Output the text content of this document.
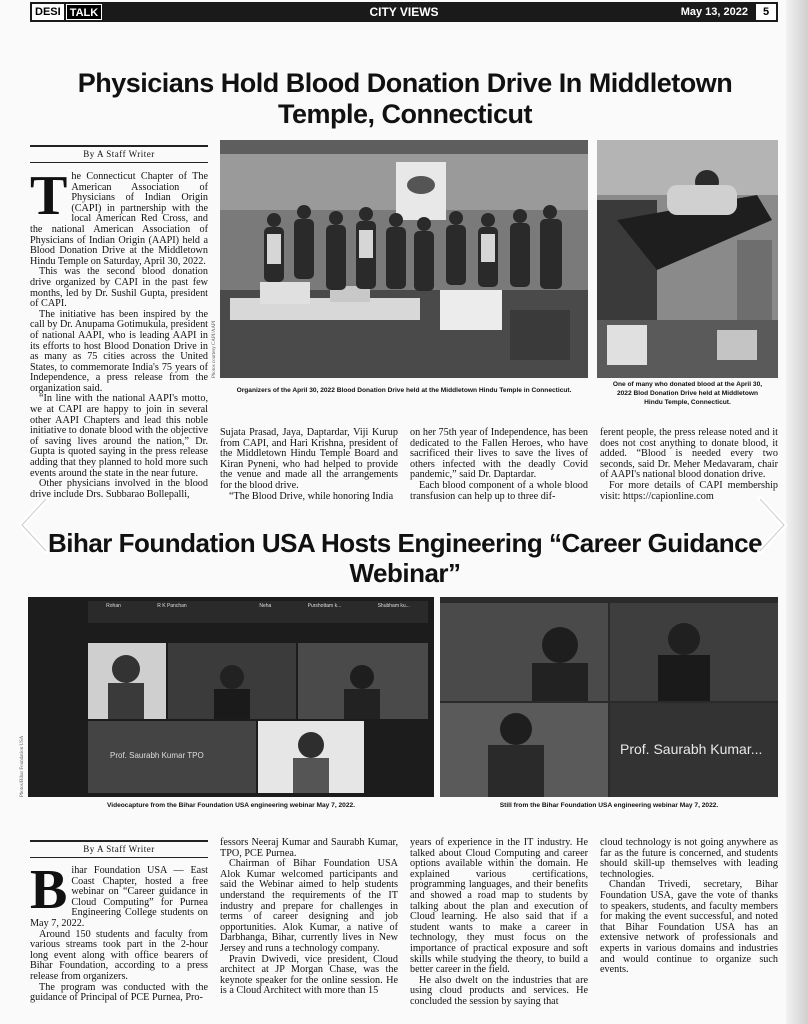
DESI TALK	CITY VIEWS	May 13, 2022	5
Physicians Hold Blood Donation Drive In Middletown Temple, Connecticut
By A Staff Writer

The Connecticut Chapter of The American Association of Physicians of Indian Origin (CAPI) in partnership with the local American Red Cross, and the national American Association of Physicians of Indian Origin (AAPI) held a Blood Donation Drive at the Middletown Hindu Temple on Saturday, April 30, 2022.

This was the second blood donation drive organized by CAPI in the past few months, led by Dr. Sushil Gupta, president of CAPI.

The initiative has been inspired by the call by Dr. Anupama Gotimukula, president of national AAPI, who is leading AAPI in its efforts to host Blood Donation Drive in as many as 75 cities across the United States, to commemorate India's 75 years of Independence, a press release from the organization said.

“In line with the national AAPI's motto, we at CAPI are happy to join in several other AAPI Chapters and lead this noble initiative to donate blood with the objective of saving lives around the nation,” Dr. Gupta is quoted saying in the press release adding that they planned to hold more such events around the state in the near future.

Other physicians involved in the blood drive include Drs. Subbarao Bollepalli,

Photos courtesy CAPI/AAPI
Organizers of the April 30, 2022 Blood Donation Drive held at the Middletown Hindu Temple in Connecticut.
One of many who donated blood at the April 30, 2022 Blod Donation Drive held at Middletown Hindu Temple, Connecticut.

Sujata Prasad, Jaya, Daptardar, Viji Kurup from CAPI, and Hari Krishna, president of the Middletown Hindu Temple Board and Kiran Pyneni, who had helped to provide the venue and made all the arrangements for the blood drive.

“The Blood Drive, while honoring India

on her 75th year of Independence, has been dedicated to the Fallen Heroes, who have sacrificed their lives to save the lives of others infected with the deadly Covid pandemic,” said Dr. Daptardar.

Each blood component of a whole blood transfusion can help up to three dif-

ferent people, the press release noted and it does not cost anything to donate blood, it added. “Blood is needed every two seconds, said Dr. Meher Medavaram, chair of AAPI's national blood donation drive.

For more details of CAPI membership visit: https://capionline.com

Bihar Foundation USA Hosts Engineering “Career Guidance Webinar”
Rohan	R K Panchan	Neha	Purshottam k...	Shubham ku...
Prof. Saurabh Kumar TPO
Photos/Bihar Foundation USA	Prof. Saurabh Kumar...
Videocapture from the Bihar Foundation USA engineering webinar May 7, 2022.	Still from the Bihar Foundation USA engineering webinar May 7, 2022.
By A Staff Writer

Bihar Foundation USA — East Coast Chapter, hosted a free webinar on “Career guidance in Cloud Computing” for Purnea Engineering College students on May 7, 2022.

Around 150 students and faculty from various streams took part in the 2-hour long event along with office bearers of Bihar Foundation, according to a press release from organizers.

The program was conducted with the guidance of Principal of PCE Purnea, Pro-

fessors Neeraj Kumar and Saurabh Kumar, TPO, PCE Purnea.

Chairman of Bihar Foundation USA Alok Kumar welcomed participants and said the Webinar aimed to help students understand the requirements of the IT industry and prepare for challenges in terms of career designing and job opportunities. Alok Kumar, a native of Darbhanga, Bihar, currently lives in New Jersey and runs a technology company.

Pravin Dwivedi, vice president, Cloud architect at JP Morgan Chase, was the keynote speaker for the online session. He is a Cloud Architect with more than 15

years of experience in the IT industry. He talked about Cloud Computing and career options available within the domain. He explained various certifications, programming languages, and their benefits and showed a road map to students by talking about the plan and execution of Cloud learning. He also said that if a student wants to make a career in technology, they must focus on the importance of practical exposure and soft skills while studying the theory, to build a better career in the field.

He also dwelt on the industries that are using cloud products and services. He concluded the session by saying that

cloud technology is not going anywhere as far as the future is concerned, and students should skill-up themselves with leading technologies.

Chandan Trivedi, secretary, Bihar Foundation USA, gave the vote of thanks to speakers, students, and faculty members for making the event successful, and noted that Bihar Foundation USA has an extensive network of professionals and experts in various domains and industries and would continue to organize such events.
